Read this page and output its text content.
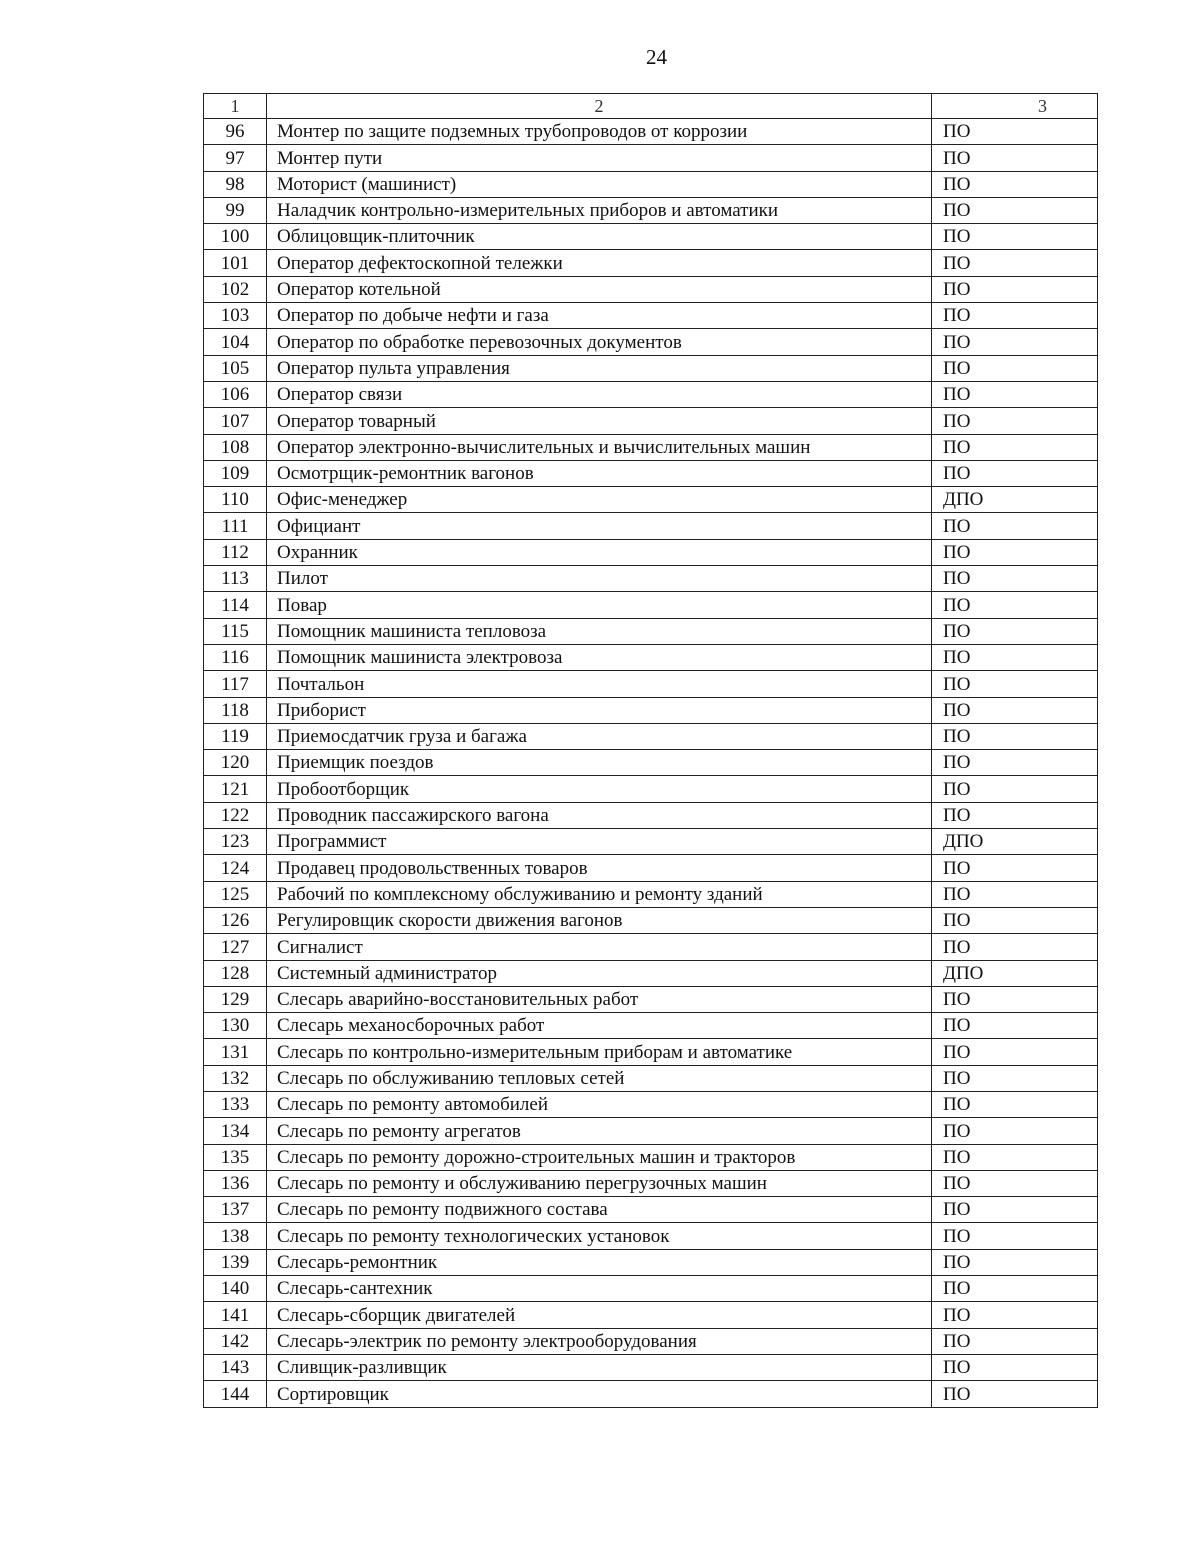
24
1	2	3
96	Монтер по защите подземных трубопроводов от коррозии	ПО
97	Монтер пути	ПО
98	Моторист (машинист)	ПО
99	Наладчик контрольно-измерительных приборов и автоматики	ПО
100	Облицовщик-плиточник	ПО
101	Оператор дефектоскопной тележки	ПО
102	Оператор котельной	ПО
103	Оператор по добыче нефти и газа	ПО
104	Оператор по обработке перевозочных документов	ПО
105	Оператор пульта управления	ПО
106	Оператор связи	ПО
107	Оператор товарный	ПО
108	Оператор электронно-вычислительных и вычислительных машин	ПО
109	Осмотрщик-ремонтник вагонов	ПО
110	Офис-менеджер	ДПО
111	Официант	ПО
112	Охранник	ПО
113	Пилот	ПО
114	Повар	ПО
115	Помощник машиниста тепловоза	ПО
116	Помощник машиниста электровоза	ПО
117	Почтальон	ПО
118	Приборист	ПО
119	Приемосдатчик груза и багажа	ПО
120	Приемщик поездов	ПО
121	Пробоотборщик	ПО
122	Проводник пассажирского вагона	ПО
123	Программист	ДПО
124	Продавец продовольственных товаров	ПО
125	Рабочий по комплексному обслуживанию и ремонту зданий	ПО
126	Регулировщик скорости движения вагонов	ПО
127	Сигналист	ПО
128	Системный администратор	ДПО
129	Слесарь аварийно-восстановительных работ	ПО
130	Слесарь механосборочных работ	ПО
131	Слесарь по контрольно-измерительным приборам и автоматике	ПО
132	Слесарь по обслуживанию тепловых сетей	ПО
133	Слесарь по ремонту автомобилей	ПО
134	Слесарь по ремонту агрегатов	ПО
135	Слесарь по ремонту дорожно-строительных машин и тракторов	ПО
136	Слесарь по ремонту и обслуживанию перегрузочных машин	ПО
137	Слесарь по ремонту подвижного состава	ПО
138	Слесарь по ремонту технологических установок	ПО
139	Слесарь-ремонтник	ПО
140	Слесарь-сантехник	ПО
141	Слесарь-сборщик двигателей	ПО
142	Слесарь-электрик по ремонту электрооборудования	ПО
143	Сливщик-разливщик	ПО
144	Сортировщик	ПО
